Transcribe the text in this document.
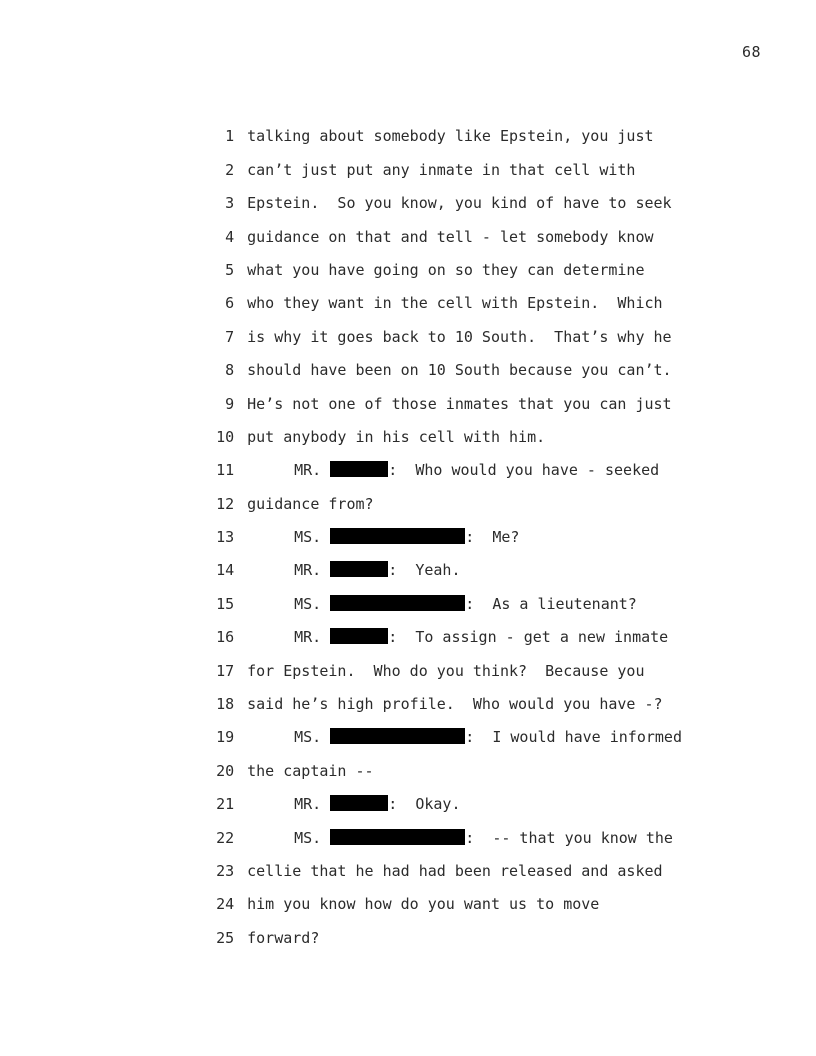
68

1 talking about somebody like Epstein, you just

2 can’t just put any inmate in that cell with

3 Epstein.  So you know, you kind of have to seek

4 guidance on that and tell - let somebody know

5 what you have going on so they can determine

6 who they want in the cell with Epstein.  Which

7 is why it goes back to 10 South.  That’s why he

8 should have been on 10 South because you can’t.

9 He’s not one of those inmates that you can just

10 put anybody in his cell with him.

11	MR.	:  Who would you have - seeked

12 guidance from?

13	MS.	:  Me?

14	MR.	:  Yeah.

15	MS.	:  As a lieutenant?

16	MR.	:  To assign - get a new inmate

17 for Epstein.  Who do you think?  Because you

18 said he’s high profile.  Who would you have -?

19	MS.	:  I would have informed

20 the captain --

21	MR.	:  Okay.

22	MS.	:  -- that you know the

23 cellie that he had had been released and asked

24 him you know how do you want us to move

25 forward?
